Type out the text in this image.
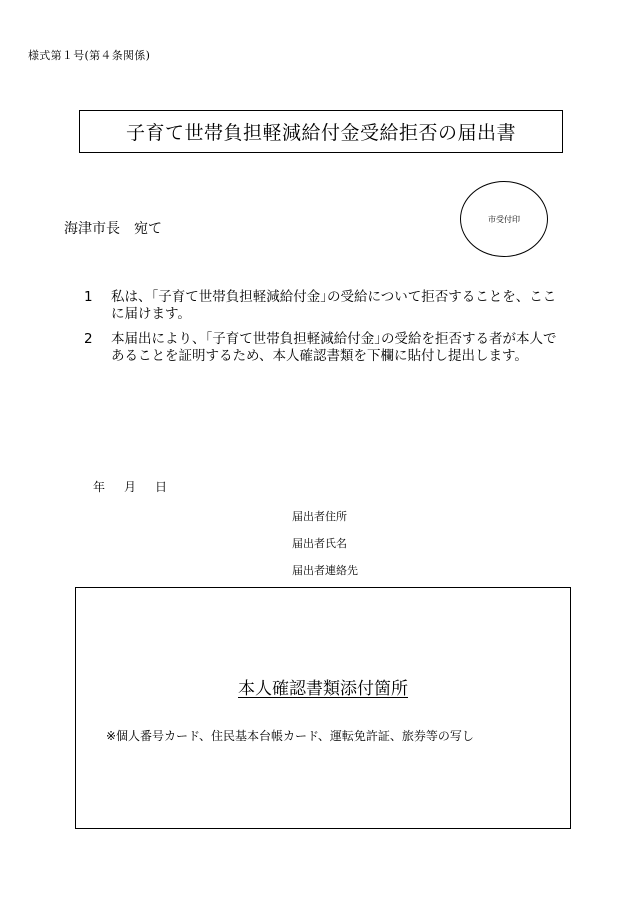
様式第１号(第４条関係)
子育て世帯負担軽減給付金受給拒否の届出書
海津市長　宛て
市受付印
1	私は、｢子育て世帯負担軽減給付金｣の受給について拒否することを、ここに届けます。
2	本届出により、｢子育て世帯負担軽減給付金｣の受給を拒否する者が本人であることを証明するため、本人確認書類を下欄に貼付し提出します。
年	月	日
届出者住所
届出者氏名
届出者連絡先
本人確認書類添付箇所
※個人番号カード、住民基本台帳カード、運転免許証、旅券等の写し
